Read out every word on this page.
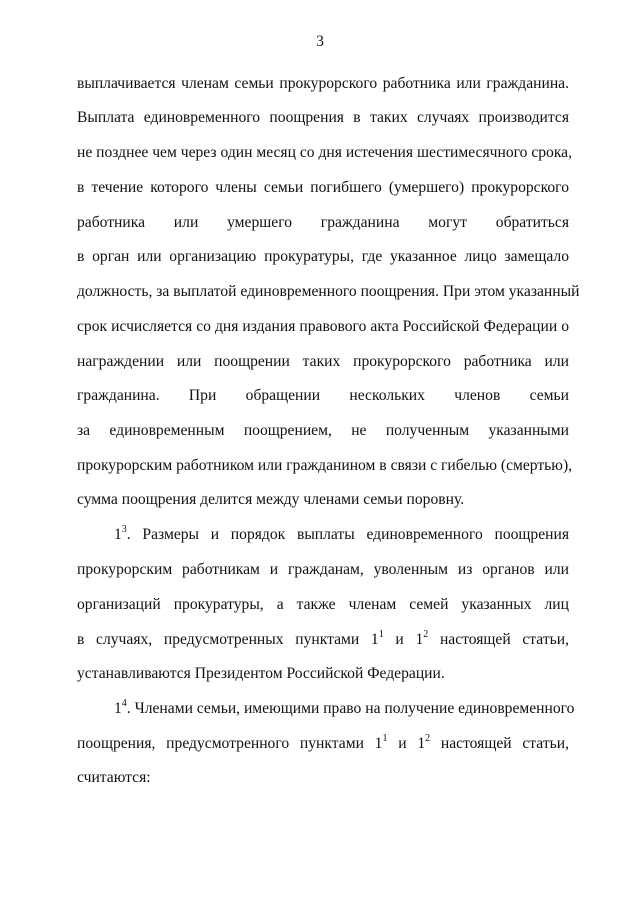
3
выплачивается членам семьи прокурорского работника или гражданина.
Выплата единовременного поощрения в таких случаях производится
не позднее чем через один месяц со дня истечения шестимесячного срока,
в течение которого члены семьи погибшего (умершего) прокурорского
работника или умершего гражданина могут обратиться
в орган или организацию прокуратуры, где указанное лицо замещало
должность, за выплатой единовременного поощрения. При этом указанный
срок исчисляется со дня издания правового акта Российской Федерации о
награждении или поощрении таких прокурорского работника или
гражданина. При обращении нескольких членов семьи
за единовременным поощрением, не полученным указанными
прокурорским работником или гражданином в связи с гибелью (смертью),
сумма поощрения делится между членами семьи поровну.
$1^3$. Размеры и порядок выплаты единовременного поощрения
прокурорским работникам и гражданам, уволенным из органов или
организаций прокуратуры, а также членам семей указанных лиц
в случаях, предусмотренных пунктами $1^1$ и $1^2$ настоящей статьи,
устанавливаются Президентом Российской Федерации.
$1^4$. Членами семьи, имеющими право на получение единовременного
поощрения, предусмотренного пунктами $1^1$ и $1^2$ настоящей статьи,
считаются:
